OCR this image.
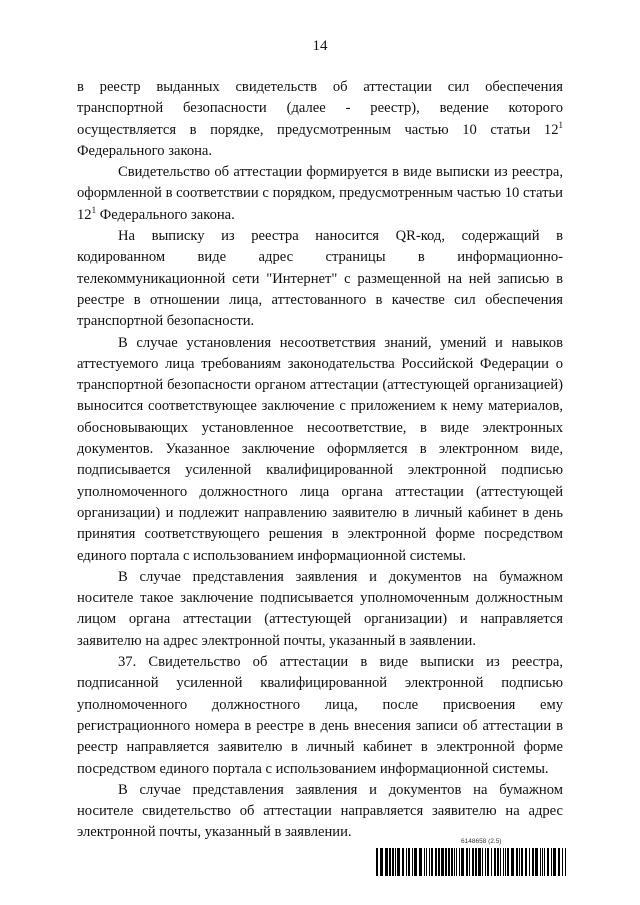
14

в реестр выданных свидетельств об аттестации сил обеспечения транспортной безопасности (далее - реестр), ведение которого осуществляется в порядке, предусмотренным частью 10 статьи $12^1$ Федерального закона.

Свидетельство об аттестации формируется в виде выписки из реестра, оформленной в соответствии с порядком, предусмотренным частью 10 статьи $12^1$ Федерального закона.

На выписку из реестра наносится QR-код, содержащий в кодированном виде адрес страницы в информационно-телекоммуникационной сети "Интернет" с размещенной на ней записью в реестре в отношении лица, аттестованного в качестве сил обеспечения транспортной безопасности.

В случае установления несоответствия знаний, умений и навыков аттестуемого лица требованиям законодательства Российской Федерации о транспортной безопасности органом аттестации (аттестующей организацией) выносится соответствующее заключение с приложением к нему материалов, обосновывающих установленное несоответствие, в виде электронных документов. Указанное заключение оформляется в электронном виде, подписывается усиленной квалифицированной электронной подписью уполномоченного должностного лица органа аттестации (аттестующей организации) и подлежит направлению заявителю в личный кабинет в день принятия соответствующего решения в электронной форме посредством единого портала с использованием информационной системы.

В случае представления заявления и документов на бумажном носителе такое заключение подписывается уполномоченным должностным лицом органа аттестации (аттестующей организации) и направляется заявителю на адрес электронной почты, указанный в заявлении.

37. Свидетельство об аттестации в виде выписки из реестра, подписанной усиленной квалифицированной электронной подписью уполномоченного должностного лица, после присвоения ему регистрационного номера в реестре в день внесения записи об аттестации в реестр направляется заявителю в личный кабинет в электронной форме посредством единого портала с использованием информационной системы.

В случае представления заявления и документов на бумажном носителе свидетельство об аттестации направляется заявителю на адрес электронной почты, указанный в заявлении.

6148658 (2.5)
